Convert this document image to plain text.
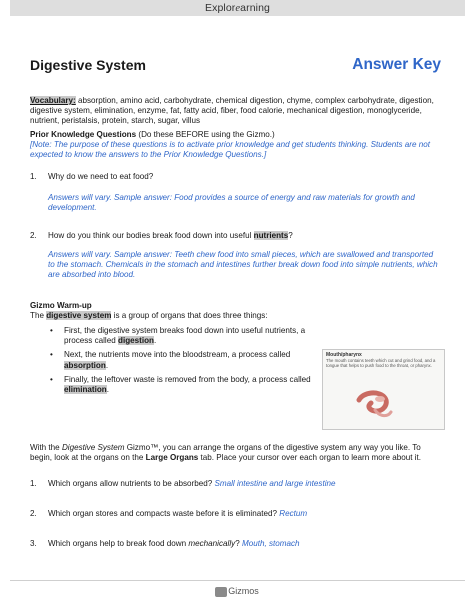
Explorearning
Digestive System	Answer Key
Vocabulary: absorption, amino acid, carbohydrate, chemical digestion, chyme, complex carbohydrate, digestion, digestive system, elimination, enzyme, fat, fatty acid, fiber, food calorie, mechanical digestion, monoglyceride, nutrient, peristalsis, protein, starch, sugar, villus
Prior Knowledge Questions (Do these BEFORE using the Gizmo.)
[Note: The purpose of these questions is to activate prior knowledge and get students thinking. Students are not expected to know the answers to the Prior Knowledge Questions.]
1. Why do we need to eat food?
Answers will vary. Sample answer: Food provides a source of energy and raw materials for growth and development.
2. How do you think our bodies break food down into useful nutrients?
Answers will vary. Sample answer: Teeth chew food into small pieces, which are swallowed and transported to the stomach. Chemicals in the stomach and intestines further break down food into simple nutrients, which are absorbed into blood.
Gizmo Warm-up
The digestive system is a group of organs that does three things:
• First, the digestive system breaks food down into useful nutrients, a process called digestion.
• Next, the nutrients move into the bloodstream, a process called absorption.
• Finally, the leftover waste is removed from the body, a process called elimination.
Mouth/pharynx
The mouth contains teeth which cut and grind food, and a tongue that helps to push food to the throat, or pharynx.
With the Digestive System Gizmo™, you can arrange the organs of the digestive system any way you like. To begin, look at the organs on the Large Organs tab. Place your cursor over each organ to learn more about it.
1. Which organs allow nutrients to be absorbed? Small intestine and large intestine
2. Which organ stores and compacts waste before it is eliminated? Rectum
3. Which organs help to break food down mechanically? Mouth, stomach
Gizmos
